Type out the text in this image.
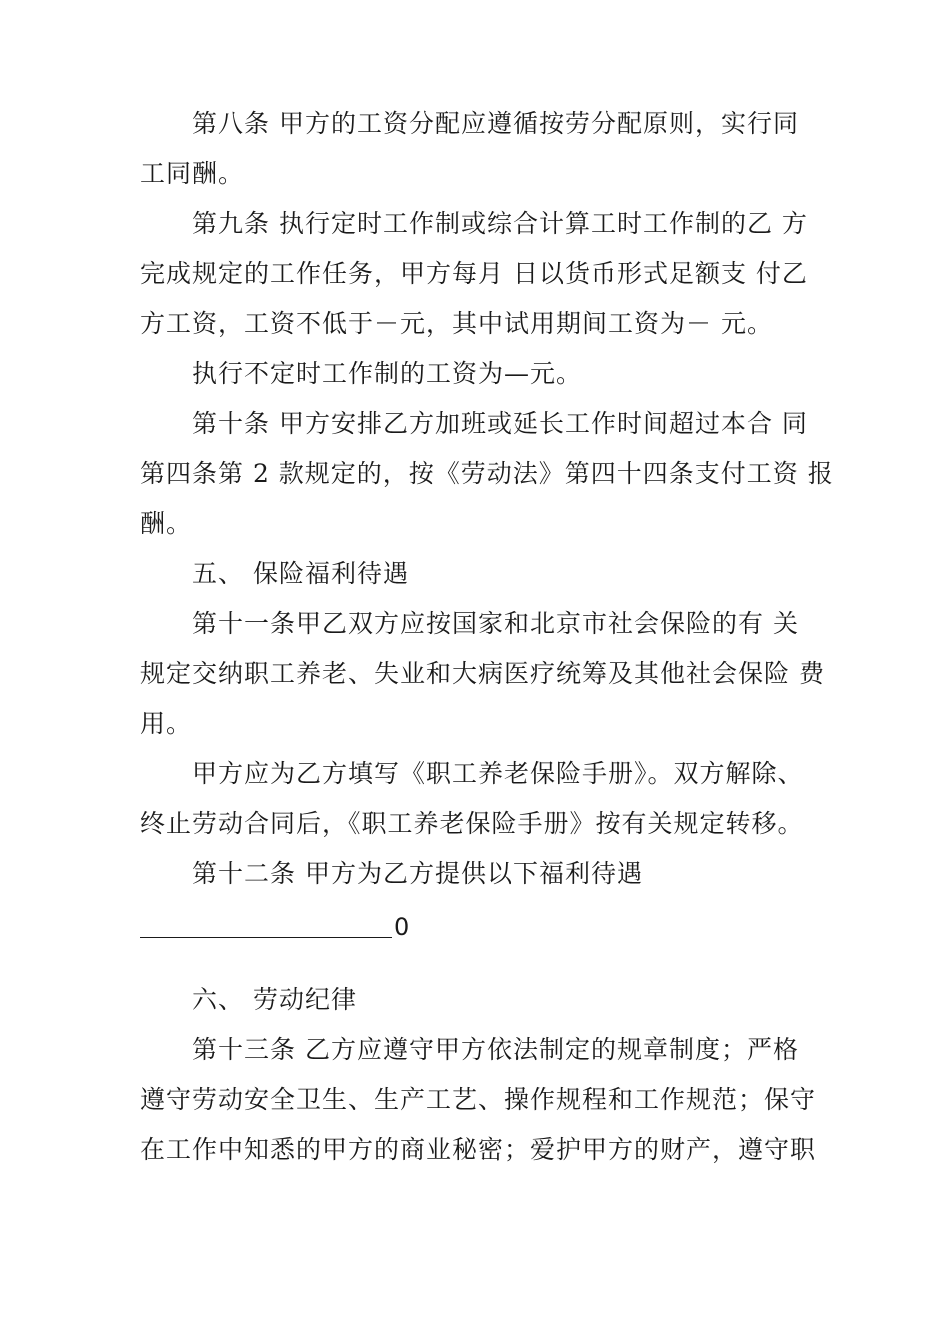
第八条 甲方的工资分配应遵循按劳分配原则，实行同
工同酬。
第九条 执行定时工作制或综合计算工时工作制的乙 方
完成规定的工作任务，甲方每月 日以货币形式足额支 付乙
方工资，工资不低于－元，其中试用期间工资为－ 元。
执行不定时工作制的工资为—元。
第十条 甲方安排乙方加班或延长工作时间超过本合 同
第四条第 2 款规定的，按《劳动法》第四十四条支付工资 报
酬。
五、 保险福利待遇
第十一条甲乙双方应按国家和北京市社会保险的有 关
规定交纳职工养老、失业和大病医疗统筹及其他社会保险 费
用。
甲方应为乙方填写《职工养老保险手册》。双方解除、
终止劳动合同后，《职工养老保险手册》按有关规定转移。
第十二条 甲方为乙方提供以下福利待遇
0
六、 劳动纪律
第十三条 乙方应遵守甲方依法制定的规章制度；严格
遵守劳动安全卫生、生产工艺、操作规程和工作规范；保守
在工作中知悉的甲方的商业秘密；爱护甲方的财产，遵守职
